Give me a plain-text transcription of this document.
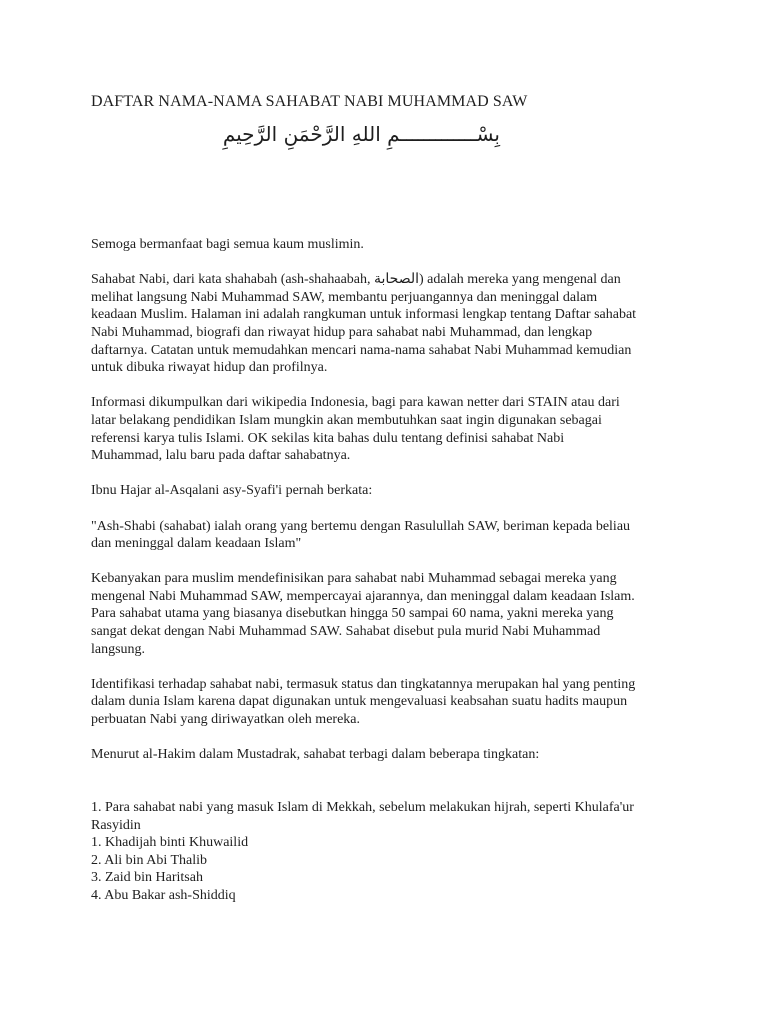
DAFTAR NAMA-NAMA SAHABAT NABI MUHAMMAD SAW
بِسْـــــــــــــمِ اللهِ الرَّحْمَنِ الرَّحِيمِ

Semoga bermanfaat bagi semua kaum muslimin.

Sahabat Nabi, dari kata shahabah (ash-shahaabah, الصحابة) adalah mereka yang mengenal dan
melihat langsung Nabi Muhammad SAW, membantu perjuangannya dan meninggal dalam
keadaan Muslim. Halaman ini adalah rangkuman untuk informasi lengkap tentang Daftar sahabat
Nabi Muhammad, biografi dan riwayat hidup para sahabat nabi Muhammad, dan lengkap
daftarnya. Catatan untuk memudahkan mencari nama-nama sahabat Nabi Muhammad kemudian
untuk dibuka riwayat hidup dan profilnya.

Informasi dikumpulkan dari wikipedia Indonesia, bagi para kawan netter dari STAIN atau dari
latar belakang pendidikan Islam mungkin akan membutuhkan saat ingin digunakan sebagai
referensi karya tulis Islami. OK sekilas kita bahas dulu tentang definisi sahabat Nabi
Muhammad, lalu baru pada daftar sahabatnya.

Ibnu Hajar al-Asqalani asy-Syafi'i pernah berkata:

"Ash-Shabi (sahabat) ialah orang yang bertemu dengan Rasulullah SAW, beriman kepada beliau
dan meninggal dalam keadaan Islam"

Kebanyakan para muslim mendefinisikan para sahabat nabi Muhammad sebagai mereka yang
mengenal Nabi Muhammad SAW, mempercayai ajarannya, dan meninggal dalam keadaan Islam.
Para sahabat utama yang biasanya disebutkan hingga 50 sampai 60 nama, yakni mereka yang
sangat dekat dengan Nabi Muhammad SAW. Sahabat disebut pula murid Nabi Muhammad
langsung.

Identifikasi terhadap sahabat nabi, termasuk status dan tingkatannya merupakan hal yang penting
dalam dunia Islam karena dapat digunakan untuk mengevaluasi keabsahan suatu hadits maupun
perbuatan Nabi yang diriwayatkan oleh mereka.

Menurut al-Hakim dalam Mustadrak, sahabat terbagi dalam beberapa tingkatan:

1. Para sahabat nabi yang masuk Islam di Mekkah, sebelum melakukan hijrah, seperti Khulafa'ur
Rasyidin
1. Khadijah binti Khuwailid
2. Ali bin Abi Thalib
3. Zaid bin Haritsah
4. Abu Bakar ash-Shiddiq
